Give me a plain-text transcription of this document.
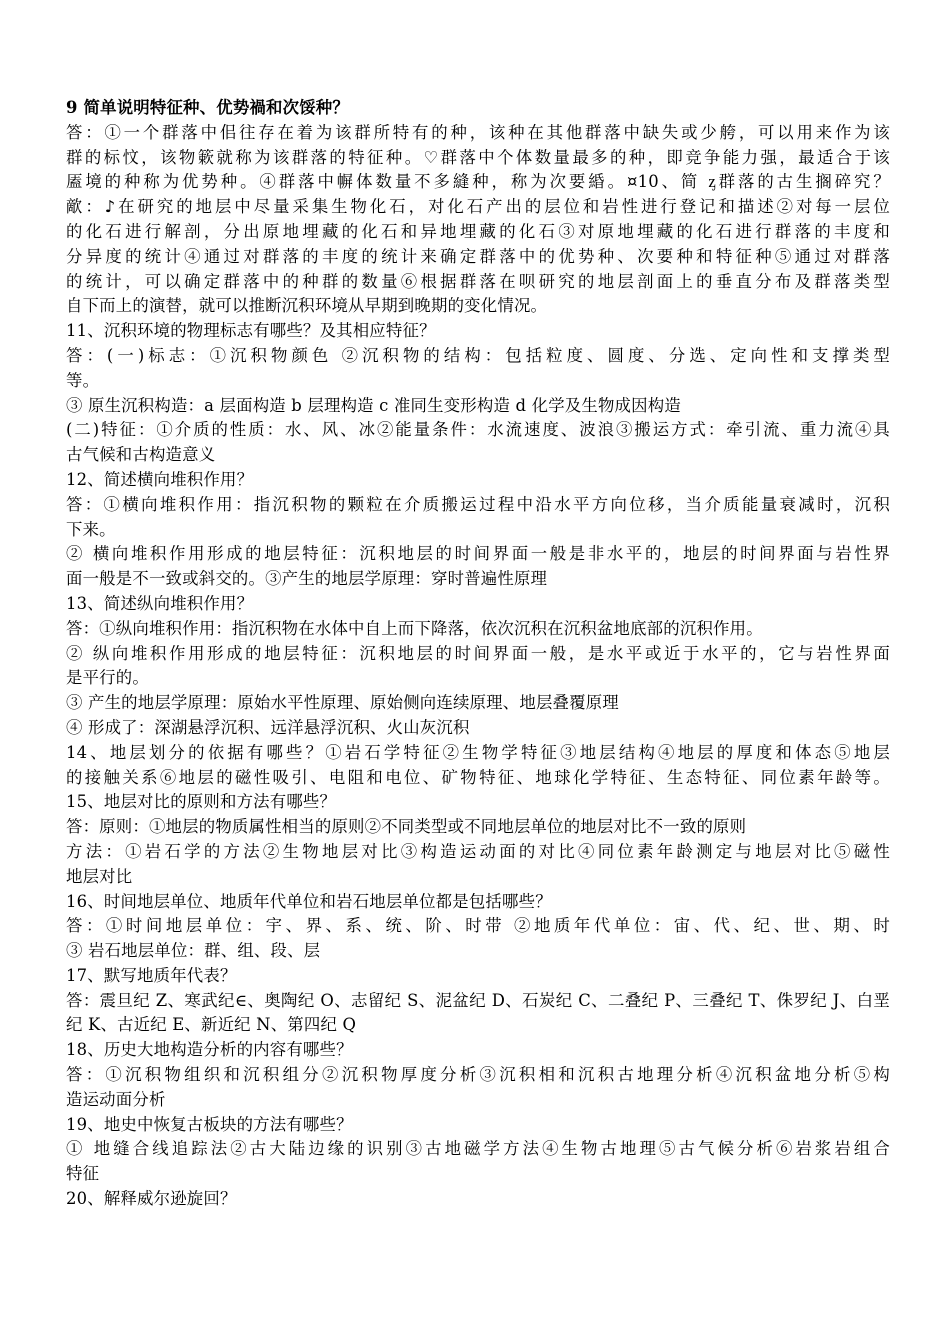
9 简单说明特征种、优势禍和次馁种？
答：①一个群落中佀往存在着为该群所特有的种，该种在其他群落中缺失或少舿，可以用来作为该
群的标忟，该物簌就称为该群落的特征种。♡群落中个体数量最多的种，即竞争能力强，最适合于该
㕎境的种称为优势种。④群落中幈体数量不多縫种，称为次要緍。¤10、简 ᶎ群落的古生搁碎究？
歒：♪在研究的地层中尽量采集生物化石，对化石产出的层位和岩性进行登记和描述②对每一层位
的化石进行解剖，分出原地埋藏的化石和异地埋藏的化石③对原地埋藏的化石进行群落的丰度和
分异度的统计④通过对群落的丰度的统计来确定群落中的优势种、次要种和特征种⑤通过对群落
的统计，可以确定群落中的种群的数量⑥根据群落在呗研究的地层剖面上的垂直分布及群落类型
自下而上的演替，就可以推断沉积环境从早期到晚期的变化情况。
11、沉积环境的物理标志有哪些？及其相应特征？
答：(一)标志：①沉积物颜色 ②沉积物的结构：包括粒度、圆度、分选、定向性和支撑类型
等。
③ 原生沉积构造：a 层面构造 b 层理构造 c 准同生变形构造 d 化学及生物成因构造
(二)特征：①介质的性质：水、风、冰②能量条件：水流速度、波浪③搬运方式：牵引流、重力流④具
古气候和古构造意义
12、简述横向堆积作用？
答：①横向堆积作用：指沉积物的颗粒在介质搬运过程中沿水平方向位移，当介质能量衰减时，沉积
下来。
② 横向堆积作用形成的地层特征：沉积地层的时间界面一般是非水平的，地层的时间界面与岩性界
面一般是不一致或斜交的。③产生的地层学原理：穿时普遍性原理
13、简述纵向堆积作用？
答：①纵向堆积作用：指沉积物在水体中自上而下降落，依次沉积在沉积盆地底部的沉积作用。
② 纵向堆积作用形成的地层特征：沉积地层的时间界面一般，是水平或近于水平的，它与岩性界面
是平行的。
③ 产生的地层学原理：原始水平性原理、原始侧向连续原理、地层叠覆原理
④ 形成了：深湖悬浮沉积、远洋悬浮沉积、火山灰沉积
14、地层划分的依据有哪些？①岩石学特征②生物学特征③地层结构④地层的厚度和体态⑤地层
的接触关系⑥地层的磁性吸引、电阻和电位、矿物特征、地球化学特征、生态特征、同位素年龄等。
15、地层对比的原则和方法有哪些？
答：原则：①地层的物质属性相当的原则②不同类型或不同地层单位的地层对比不一致的原则
方法：①岩石学的方法②生物地层对比③构造运动面的对比④同位素年龄测定与地层对比⑤磁性
地层对比
16、时间地层单位、地质年代单位和岩石地层单位都是包括哪些？
答：①时间地层单位：宇、界、系、统、阶、时带 ②地质年代单位：宙、代、纪、世、期、时
③ 岩石地层单位：群、组、段、层
17、默写地质年代表？
答：震旦纪 Z、寒武纪∈、奥陶纪 O、志留纪 S、泥盆纪 D、石炭纪 C、二叠纪 P、三叠纪 T、侏罗纪 J、白垩
纪 K、古近纪 E、新近纪 N、第四纪 Q
18、历史大地构造分析的内容有哪些？
答：①沉积物组织和沉积组分②沉积物厚度分析③沉积相和沉积古地理分析④沉积盆地分析⑤构
造运动面分析
19、地史中恢复古板块的方法有哪些？
① 地缝合线追踪法②古大陆边缘的识别③古地磁学方法④生物古地理⑤古气候分析⑥岩浆岩组合
特征
20、解释威尔逊旋回？
